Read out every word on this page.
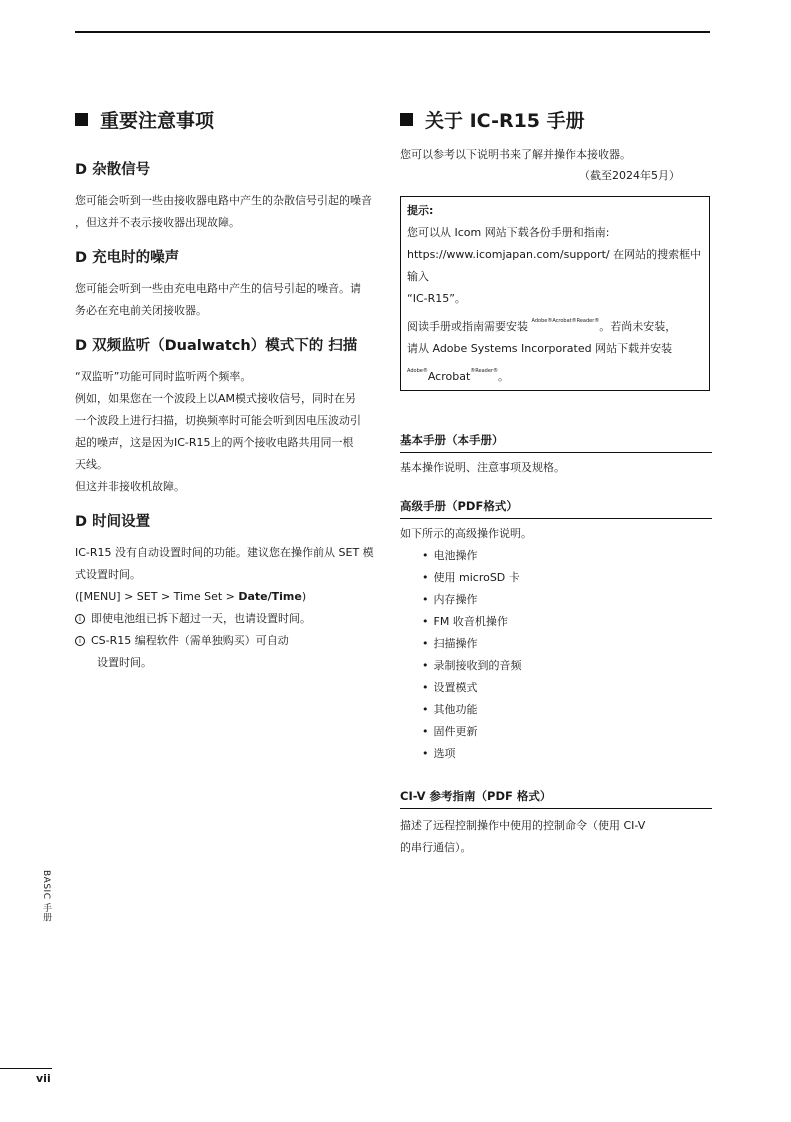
重要注意事项
D 杂散信号

您可能会听到一些由接收器电路中产生的杂散信号引起的噪音

，但这并不表示接收器出现故障。

D 充电时的噪声

您可能会听到一些由充电电路中产生的信号引起的噪音。请

务必在充电前关闭接收器。

D 双频监听（Dualwatch）模式下的 扫描

“双监听”功能可同时监听两个频率。

例如，如果您在一个波段上以AM模式接收信号，同时在另

一个波段上进行扫描，切换频率时可能会听到因电压波动引

起的噪声，这是因为IC-R15上的两个接收电路共用同一根

天线。

但这并非接收机故障。

D 时间设置

IC-R15 没有自动设置时间的功能。建议您在操作前从 SET 模

式设置时间。

([MENU] > SET > Time Set > Date/Time)

i 即使电池组已拆下超过一天，也请设置时间。

i CS-R15 编程软件（需单独购买）可自动

设置时间。

关于 IC-R15 手册
您可以参考以下说明书来了解并操作本接收器。
（截至2024年5月）
提示:
您可以从 Icom 网站下载各份手册和指南:
https://www.icomjapan.com/support/ 在网站的搜索框中输入
“IC-R15”。
阅读手册或指南需要安装 $^{Adobe®Acrobat®Reader®}$。若尚未安装，
请从 Adobe Systems Incorporated 网站下载并安装
$^{Adobe®}$Acrobat$^{®Reader®}$。
基本手册（本手册）
基本操作说明、注意事项及规格。
高级手册（PDF格式）
如下所示的高级操作说明。
• 电池操作
• 使用 microSD 卡
• 内存操作
• FM 收音机操作
• 扫描操作
• 录制接收到的音频
• 设置模式
• 其他功能
• 固件更新
• 选项
CI-V 参考指南（PDF 格式）
描述了远程控制操作中使用的控制命令（使用 CI-V
的串行通信）。
BASIC 手册
vii
